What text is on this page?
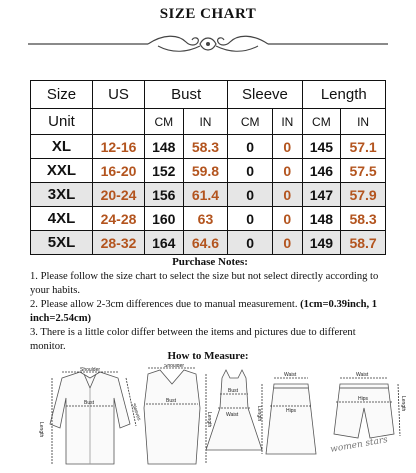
SIZE CHART
Size	US	Bust		Sleeve		Length	
Unit		CM	IN	CM	IN	CM	IN
XL	12-16	148	58.3	0	0	145	57.1
XXL	16-20	152	59.8	0	0	146	57.5
3XL	20-24	156	61.4	0	0	147	57.9
4XL	24-28	160	63	0	0	148	58.3
5XL	28-32	164	64.6	0	0	149	58.7
Purchase Notes:

1. Please follow the size chart to select the size but not select directly according to your habits.

2. Please allow 2-3cm differences due to manual measurement. (1cm=0.39inch, 1 inch=2.54cm)

3. There is a little color differ between the items and pictures due to different monitor.

How to Measure:
Shoulder
Length
Sleeves
Bust
Shoulder
Bust
Length
Bust
Waist
Waist
Hips
Length
Waist
Hips	Length
women stars
